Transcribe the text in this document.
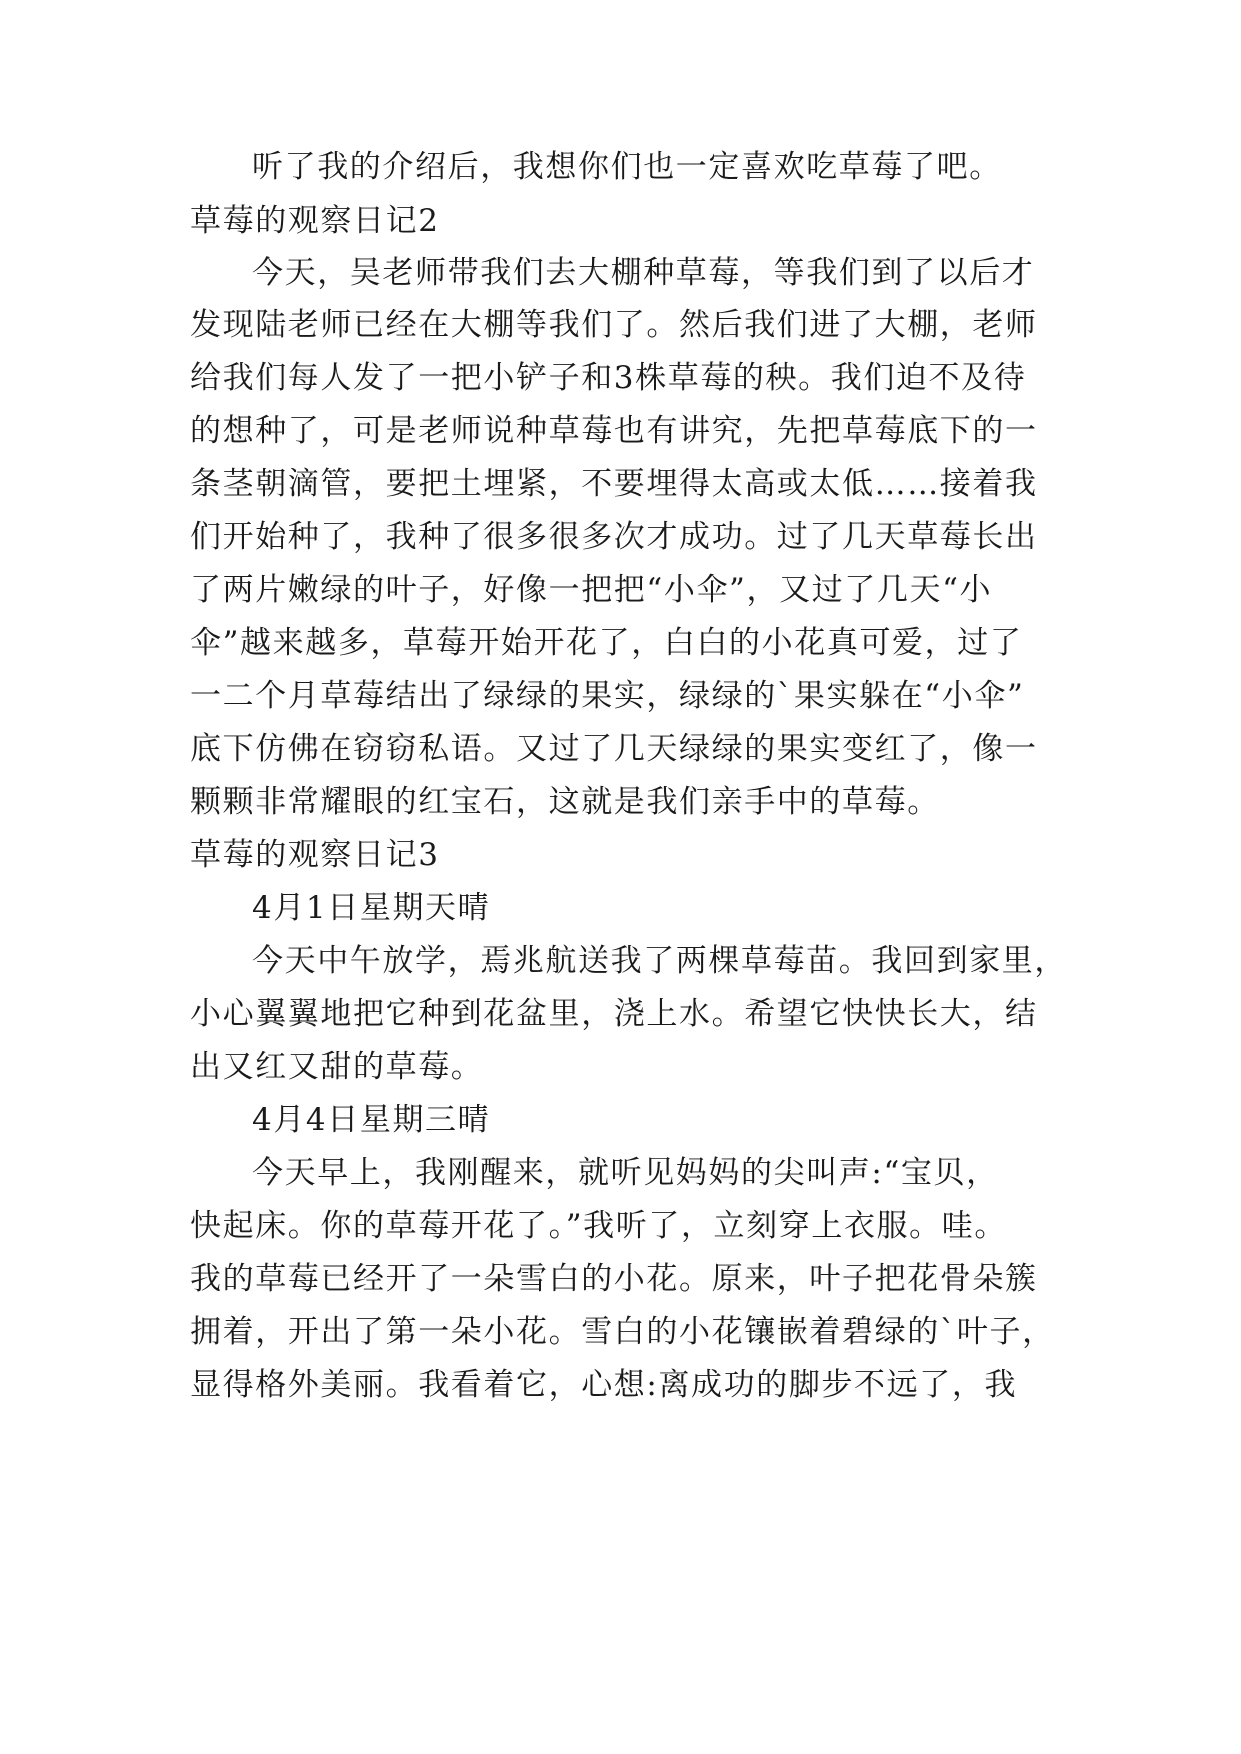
听了我的介绍后，我想你们也一定喜欢吃草莓了吧。

草莓的观察日记2

今天，吴老师带我们去大棚种草莓，等我们到了以后才

发现陆老师已经在大棚等我们了。然后我们进了大棚，老师

给我们每人发了一把小铲子和3株草莓的秧。我们迫不及待

的想种了，可是老师说种草莓也有讲究，先把草莓底下的一

条茎朝滴管，要把土埋紧，不要埋得太高或太低……接着我

们开始种了，我种了很多很多次才成功。过了几天草莓长出

了两片嫩绿的叶子，好像一把把“小伞”，又过了几天“小

伞”越来越多，草莓开始开花了，白白的小花真可爱，过了

一二个月草莓结出了绿绿的果实，绿绿的`果实躲在“小伞”

底下仿佛在窃窃私语。又过了几天绿绿的果实变红了，像一

颗颗非常耀眼的红宝石，这就是我们亲手中的草莓。

草莓的观察日记3

4月1日星期天晴

今天中午放学，焉兆航送我了两棵草莓苗。我回到家里，

小心翼翼地把它种到花盆里，浇上水。希望它快快长大，结

出又红又甜的草莓。

4月4日星期三晴

今天早上，我刚醒来，就听见妈妈的尖叫声:“宝贝，

快起床。你的草莓开花了。”我听了，立刻穿上衣服。哇。

我的草莓已经开了一朵雪白的小花。原来，叶子把花骨朵簇

拥着，开出了第一朵小花。雪白的小花镶嵌着碧绿的`叶子，

显得格外美丽。我看着它，心想:离成功的脚步不远了，我
